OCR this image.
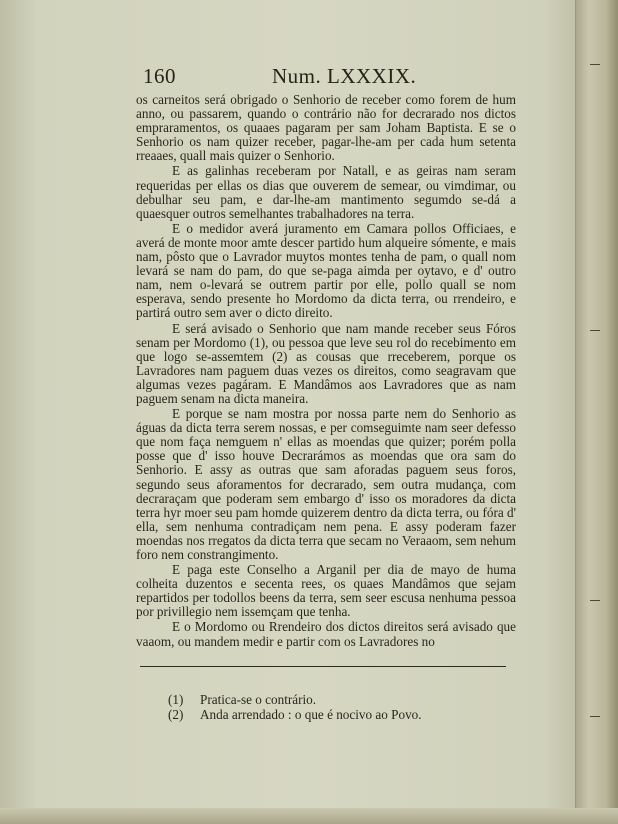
160	Num. LXXXIX.

os carneitos será obrigado o Senhorio de receber como forem de hum anno, ou passarem, quando o contrário não for decrarado nos dictos empraramentos, os quaaes pagaram per sam Joham Baptista. E se o Senhorio os nam quizer receber, pagar-lhe-am per cada hum setenta rreaaes, quall mais quizer o Senhorio.

E as galinhas receberam por Natall, e as geiras nam seram requeridas per ellas os dias que ouverem de semear, ou vimdimar, ou debulhar seu pam, e dar-lhe-am mantimento segumdo se-dá a quaesquer outros semelhantes trabalhadores na terra.

E o medidor averá juramento em Camara pollos Officiaes, e averá de monte moor amte descer partido hum alqueire sómente, e mais nam, pôsto que o Lavrador muytos montes tenha de pam, o quall nom levará se nam do pam, do que se-paga aimda per oytavo, e d' outro nam, nem o-levará se outrem partir por elle, pollo quall se nom esperava, sendo presente ho Mordomo da dicta terra, ou rrendeiro, e partirá outro sem aver o dicto direito.

E será avisado o Senhorio que nam mande receber seus Fóros senam per Mordomo (1), ou pessoa que leve seu rol do recebimento em que logo se-assemtem (2) as cousas que rreceberem, porque os Lavradores nam paguem duas vezes os direitos, como seagravam que algumas vezes pagáram. E Mandâmos aos Lavradores que as nam paguem senam na dicta maneira.

E porque se nam mostra por nossa parte nem do Senhorio as águas da dicta terra serem nossas, e per comseguimte nam seer defesso que nom faça nemguem n' ellas as moendas que quizer; porém polla posse que d' isso houve Decrarámos as moendas que ora sam do Senhorio. E assy as outras que sam aforadas paguem seus foros, segundo seus aforamentos for decrarado, sem outra mudança, com decraraçam que poderam sem embargo d' isso os moradores da dicta terra hyr moer seu pam homde quizerem dentro da dicta terra, ou fóra d' ella, sem nenhuma contradiçam nem pena. E assy poderam fazer moendas nos rregatos da dicta terra que secam no Veraaom, sem nehum foro nem constrangimento.

E paga este Conselho a Arganil per dia de mayo de huma colheita duzentos e secenta rees, os quaes Mandâmos que sejam repartidos per todollos beens da terra, sem seer escusa nenhuma pessoa por privillegio nem issemçam que tenha.

E o Mordomo ou Rrendeiro dos dictos direitos será avisado que vaaom, ou mandem medir e partir com os Lavradores no

(1) Pratica-se o contrário.
(2) Anda arrendado : o que é nocivo ao Povo.
